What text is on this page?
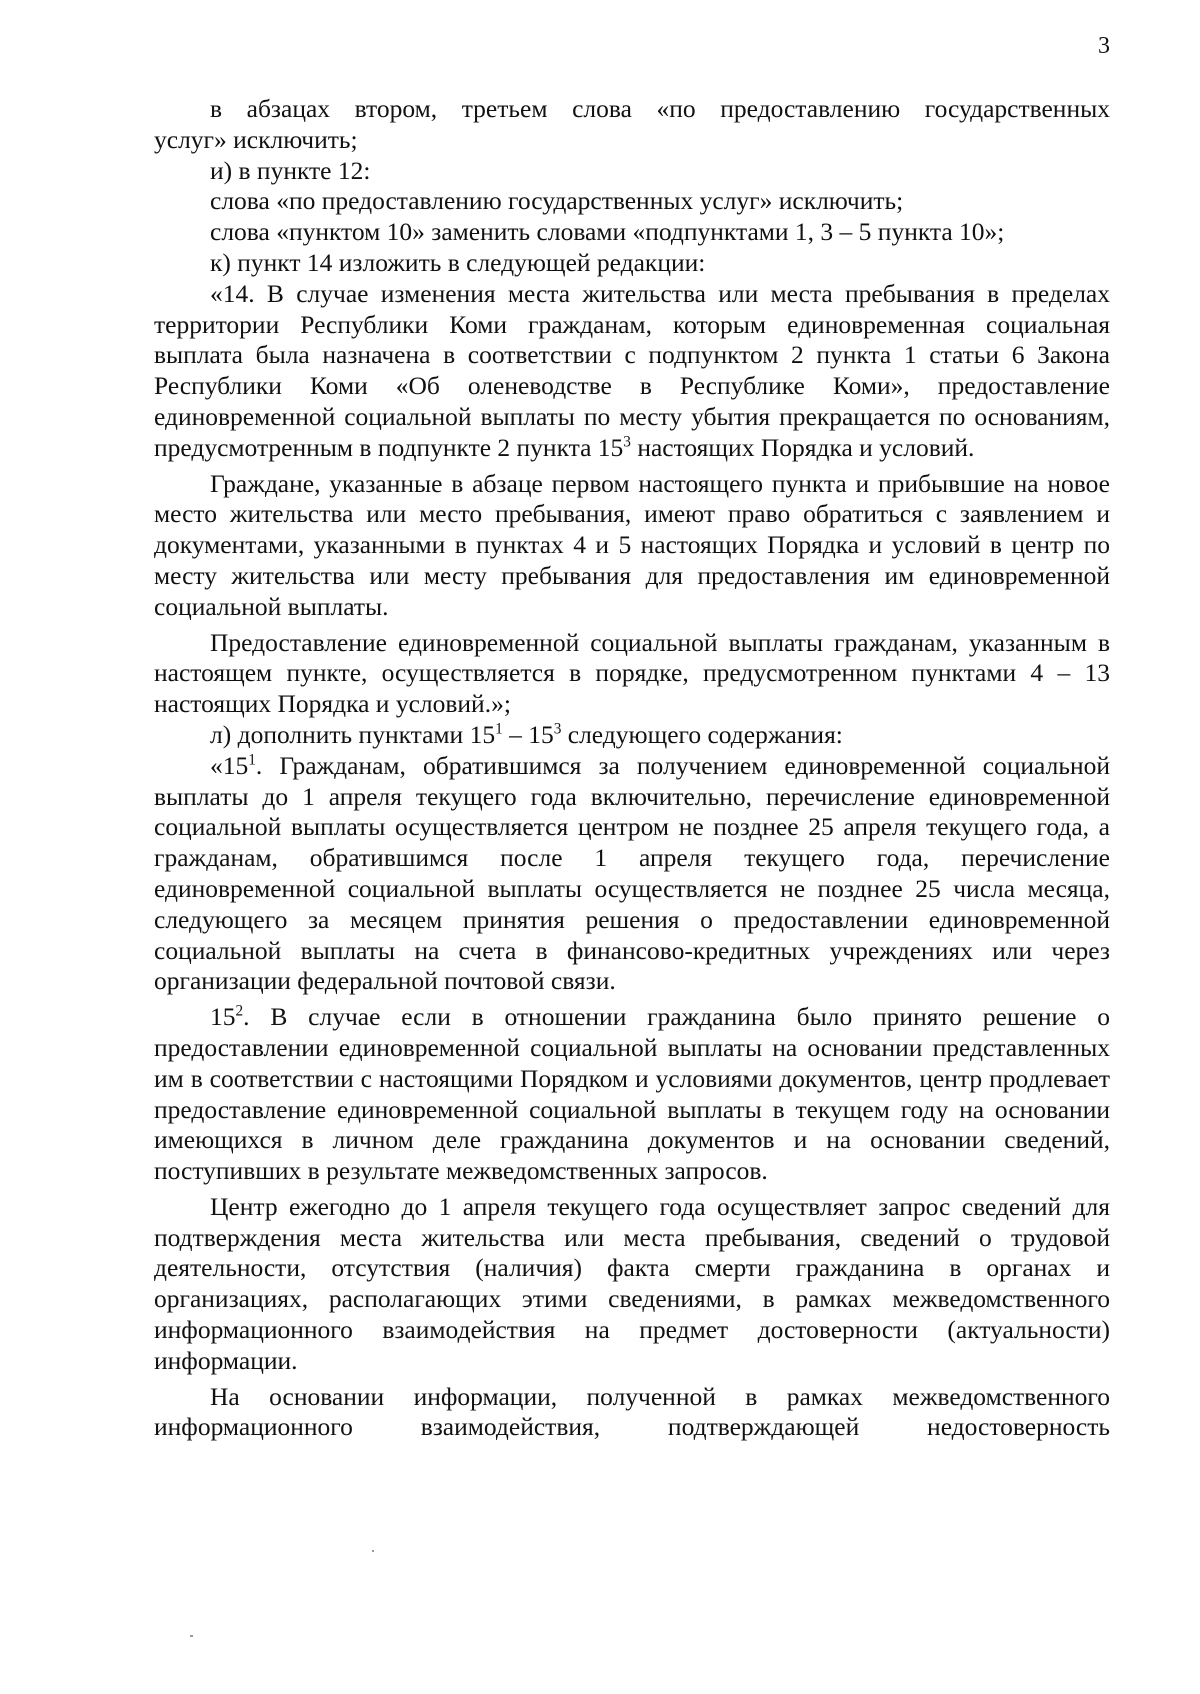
3

в абзацах втором, третьем слова «по предоставлению государственных

услуг» исключить;

и) в пункте 12:

слова «по предоставлению государственных услуг» исключить;

слова «пунктом 10» заменить словами «подпунктами 1, 3 – 5 пункта 10»;

к) пункт 14 изложить в следующей редакции:

«14. В случае изменения места жительства или места пребывания в пределах территории Республики Коми гражданам, которым единовременная социальная выплата была назначена в соответствии с подпунктом 2 пункта 1 статьи 6 Закона Республики Коми «Об оленеводстве в Республике Коми», предоставление единовременной социальной выплаты по месту убытия прекращается по основаниям, предусмотренным в подпункте 2 пункта $15^3$ настоящих Порядка и условий.

Граждане, указанные в абзаце первом настоящего пункта и прибывшие на новое место жительства или место пребывания, имеют право обратиться с заявлением и документами, указанными в пунктах 4 и 5 настоящих Порядка и условий в центр по месту жительства или месту пребывания для предоставления им единовременной социальной выплаты.

Предоставление единовременной социальной выплаты гражданам, указанным в настоящем пункте, осуществляется в порядке, предусмотренном пунктами 4 – 13 настоящих Порядка и условий.»;

л) дополнить пунктами $15^1 - 15^3$ следующего содержания:

«$15^1$. Гражданам, обратившимся за получением единовременной социальной выплаты до 1 апреля текущего года включительно, перечисление единовременной социальной выплаты осуществляется центром не позднее 25 апреля текущего года, а гражданам, обратившимся после 1 апреля текущего года, перечисление единовременной социальной выплаты осуществляется не позднее 25 числа месяца, следующего за месяцем принятия решения о предоставлении единовременной социальной выплаты на счета в финансово-кредитных учреждениях или через организации федеральной почтовой связи.

$15^2$. В случае если в отношении гражданина было принято решение о предоставлении единовременной социальной выплаты на основании представленных им в соответствии с настоящими Порядком и условиями документов, центр продлевает предоставление единовременной социальной выплаты в текущем году на основании имеющихся в личном деле гражданина документов и на основании сведений, поступивших в результате межведомственных запросов.

Центр ежегодно до 1 апреля текущего года осуществляет запрос сведений для подтверждения места жительства или места пребывания, сведений о трудовой деятельности, отсутствия (наличия) факта смерти гражданина в органах и организациях, располагающих этими сведениями, в рамках межведомственного информационного взаимодействия на предмет достоверности (актуальности) информации.

На основании информации, полученной в рамках межведомственного информационного взаимодействия, подтверждающей недостоверность
